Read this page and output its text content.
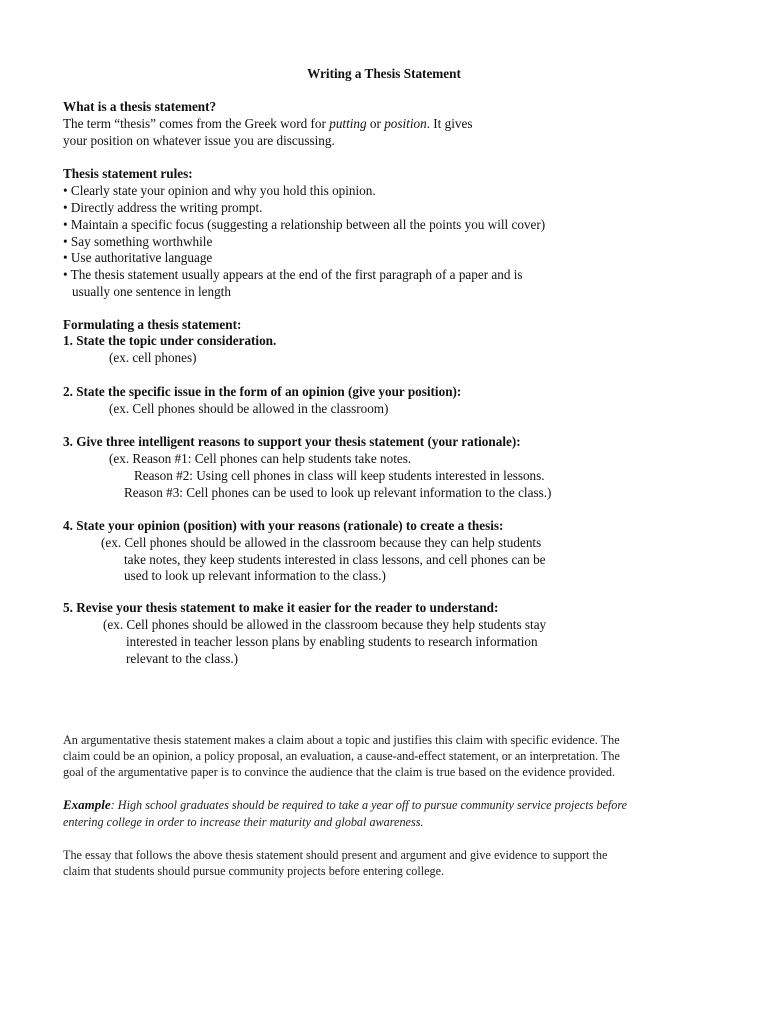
Writing a Thesis Statement
What is a thesis statement?
The term “thesis” comes from the Greek word for putting or position. It gives
your position on whatever issue you are discussing.
Thesis statement rules:
• Clearly state your opinion and why you hold this opinion.
• Directly address the writing prompt.
• Maintain a specific focus (suggesting a relationship between all the points you will cover)
• Say something worthwhile
• Use authoritative language
• The thesis statement usually appears at the end of the first paragraph of a paper and is
usually one sentence in length
Formulating a thesis statement:
1. State the topic under consideration.
(ex. cell phones)
2. State the specific issue in the form of an opinion (give your position):
(ex. Cell phones should be allowed in the classroom)
3. Give three intelligent reasons to support your thesis statement (your rationale):
(ex. Reason #1: Cell phones can help students take notes.
Reason #2: Using cell phones in class will keep students interested in lessons.
Reason #3: Cell phones can be used to look up relevant information to the class.)
4. State your opinion (position) with your reasons (rationale) to create a thesis:
(ex. Cell phones should be allowed in the classroom because they can help students
take notes, they keep students interested in class lessons, and cell phones can be
used to look up relevant information to the class.)
5. Revise your thesis statement to make it easier for the reader to understand:
(ex. Cell phones should be allowed in the classroom because they help students stay
interested in teacher lesson plans by enabling students to research information
relevant to the class.)
An argumentative thesis statement makes a claim about a topic and justifies this claim with specific evidence. The
claim could be an opinion, a policy proposal, an evaluation, a cause-and-effect statement, or an interpretation. The
goal of the argumentative paper is to convince the audience that the claim is true based on the evidence provided.
Example: High school graduates should be required to take a year off to pursue community service projects before
entering college in order to increase their maturity and global awareness.
The essay that follows the above thesis statement should present and argument and give evidence to support the
claim that students should pursue community projects before entering college.
